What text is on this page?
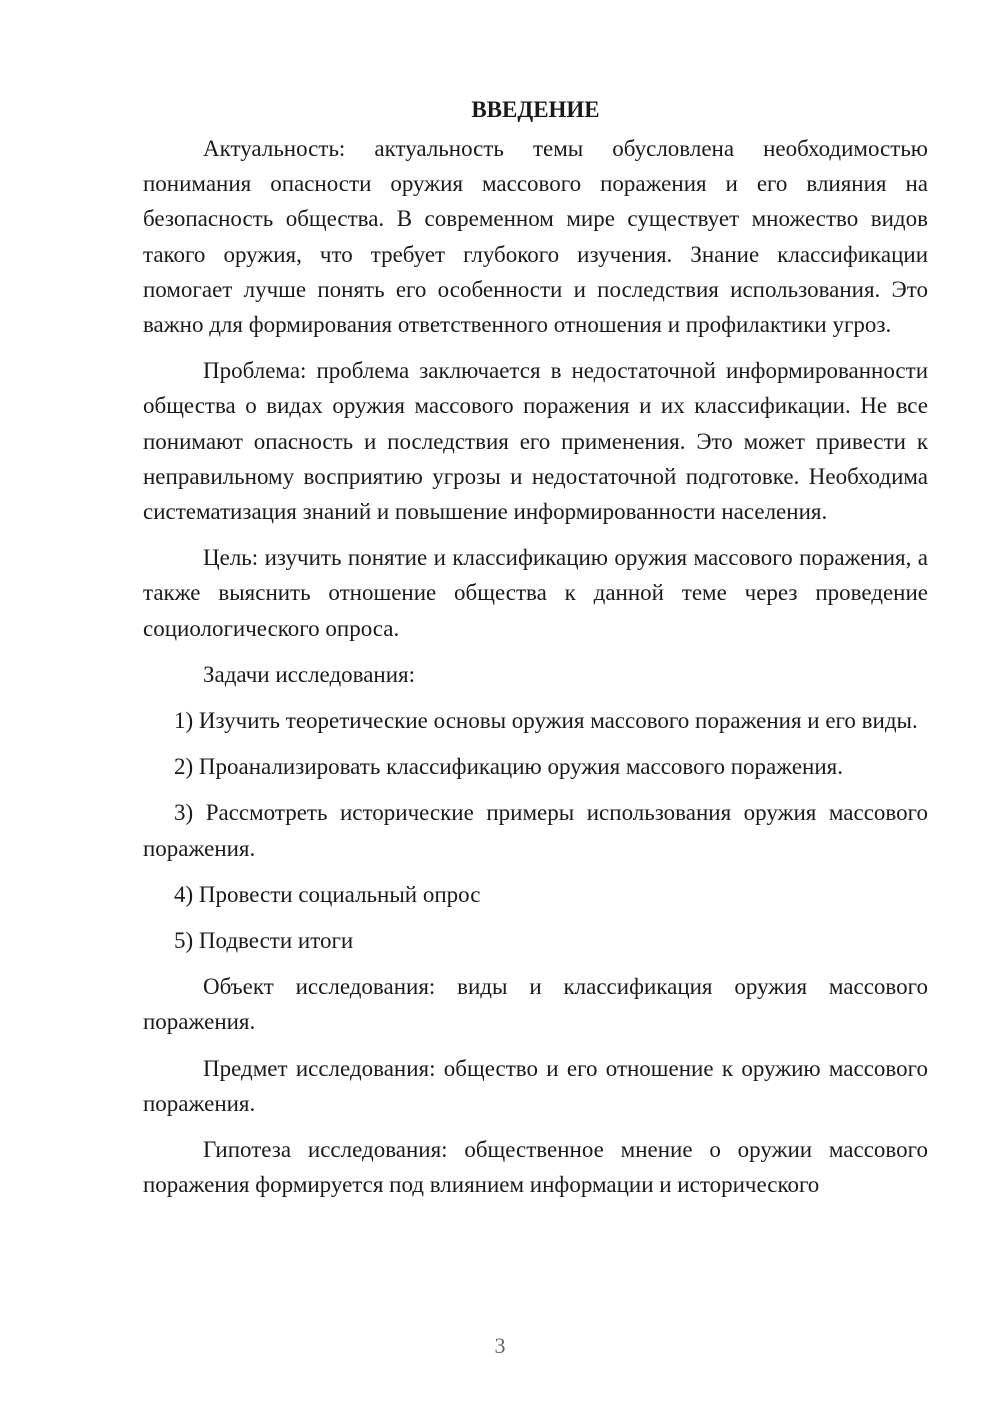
ВВЕДЕНИЕ

Актуальность: актуальность темы обусловлена необходимостью понимания опасности оружия массового поражения и его влияния на безопасность общества. В современном мире существует множество видов такого оружия, что требует глубокого изучения. Знание классификации помогает лучше понять его особенности и последствия использования. Это важно для формирования ответственного отношения и профилактики угроз.

Проблема: проблема заключается в недостаточной информированности общества о видах оружия массового поражения и их классификации. Не все понимают опасность и последствия его применения. Это может привести к неправильному восприятию угрозы и недостаточной подготовке. Необходима систематизация знаний и повышение информированности населения.

Цель: изучить понятие и классификацию оружия массового поражения, а также выяснить отношение общества к данной теме через проведение социологического опроса.

Задачи исследования:

1) Изучить теоретические основы оружия массового поражения и его виды.

2) Проанализировать классификацию оружия массового поражения.

3) Рассмотреть исторические примеры использования оружия массового поражения.

4) Провести социальный опрос

5) Подвести итоги

Объект исследования: виды и классификация оружия массового поражения.

Предмет исследования: общество и его отношение к оружию массового поражения.

Гипотеза исследования: общественное мнение о оружии массового поражения формируется под влиянием информации и исторического

3
